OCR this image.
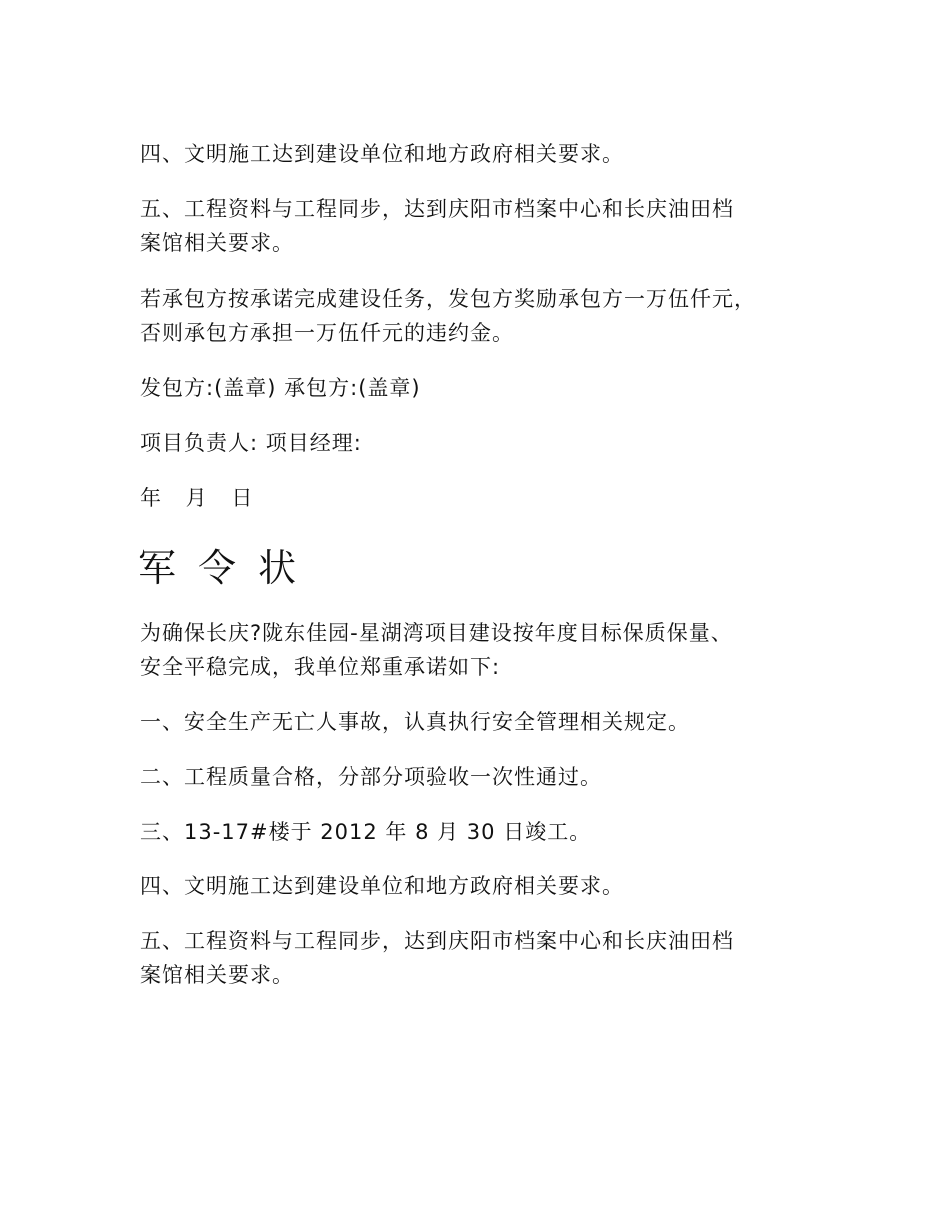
四、文明施工达到建设单位和地方政府相关要求。

五、工程资料与工程同步，达到庆阳市档案中心和长庆油田档

案馆相关要求。

若承包方按承诺完成建设任务，发包方奖励承包方一万伍仟元，

否则承包方承担一万伍仟元的违约金。

发包方:(盖章) 承包方:(盖章)

项目负责人: 项目经理:

年 月 日

军令状

为确保长庆?陇东佳园-星湖湾项目建设按年度目标保质保量、

安全平稳完成，我单位郑重承诺如下:

一、安全生产无亡人事故，认真执行安全管理相关规定。

二、工程质量合格，分部分项验收一次性通过。

三、13-17#楼于 2012 年 8 月 30 日竣工。

四、文明施工达到建设单位和地方政府相关要求。

五、工程资料与工程同步，达到庆阳市档案中心和长庆油田档

案馆相关要求。
